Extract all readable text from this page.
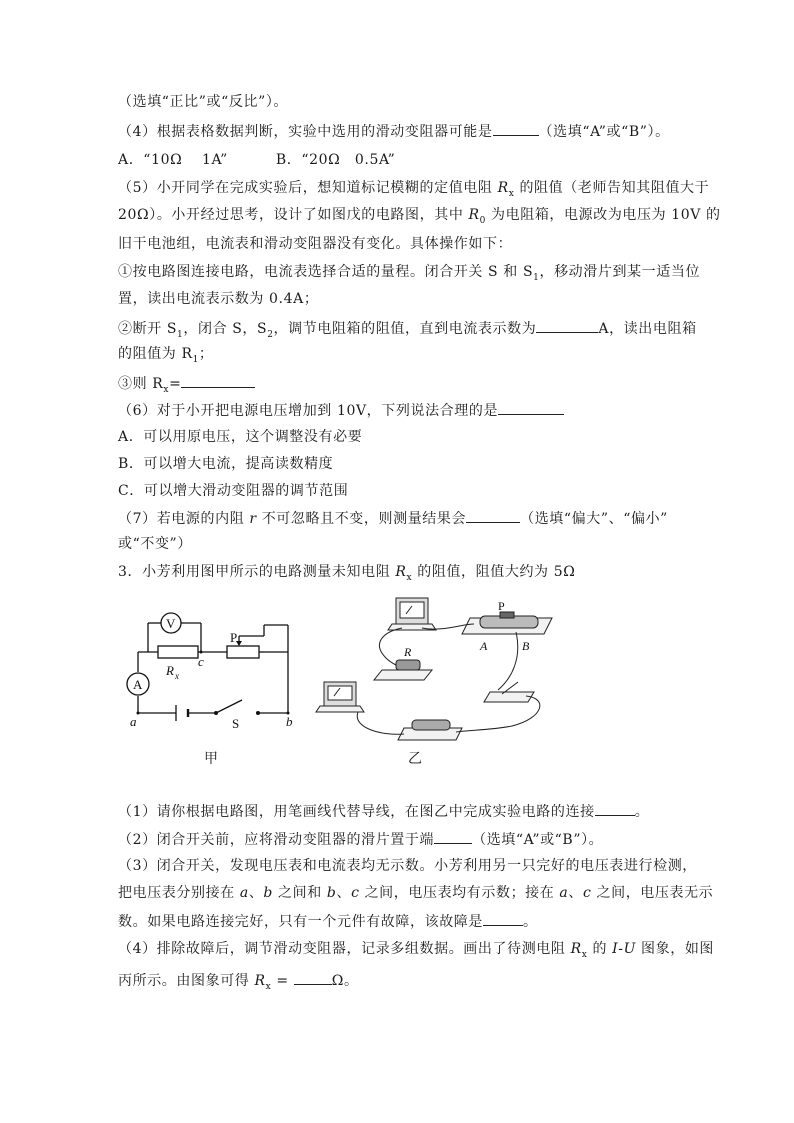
（选填“正比”或“反比”）。
（4）根据表格数据判断，实验中选用的滑动变阻器可能是	（选填“A”或“B”）。
A．“10Ω　 1A”	B．“20Ω　0.5A”
（5）小开同学在完成实验后，想知道标记模糊的定值电阻 $R_x$ 的阻值（老师告知其阻值大于
20Ω）。小开经过思考，设计了如图戊的电路图，其中 $R_0$ 为电阻箱，电源改为电压为 10V 的
旧干电池组，电流表和滑动变阻器没有变化。具体操作如下：
①按电路图连接电路，电流表选择合适的量程。闭合开关 S 和 $S_1$，移动滑片到某一适当位
置，读出电流表示数为 0.4A；
②断开 $S_1$，闭合 S，$S_2$，调节电阻箱的阻值，直到电流表示数为	A，读出电阻箱
的阻值为 $R_1$；
③则 $R_x=$
（6）对于小开把电源电压增加到 10V，下列说法合理的是
A．可以用原电压，这个调整没有必要
B．可以增大电流，提高读数精度
C．可以增大滑动变阻器的调节范围
（7）若电源的内阻 r 不可忽略且不变，则测量结果会	（选填“偏大”、“偏小”
或“不变”）
3．小芳利用图甲所示的电路测量未知电阻 $R_x$ 的阻值，阻值大约为 5Ω
V
A
R x
c
P
a	b
S
甲
R
P
A	B
乙
（1）请你根据电路图，用笔画线代替导线，在图乙中完成实验电路的连接	。
（2）闭合开关前，应将滑动变阻器的滑片置于端	（选填“A”或“B”）。
（3）闭合开关，发现电压表和电流表均无示数。小芳利用另一只完好的电压表进行检测，
把电压表分别接在 a、b 之间和 b、c 之间，电压表均有示数；接在 a、c 之间，电压表无示
数。如果电路连接完好，只有一个元件有故障，该故障是	。
（4）排除故障后，调节滑动变阻器，记录多组数据。画出了待测电阻 $R_x$ 的 I-U 图象，如图
丙所示。由图象可得 $R_x$ =	Ω。
